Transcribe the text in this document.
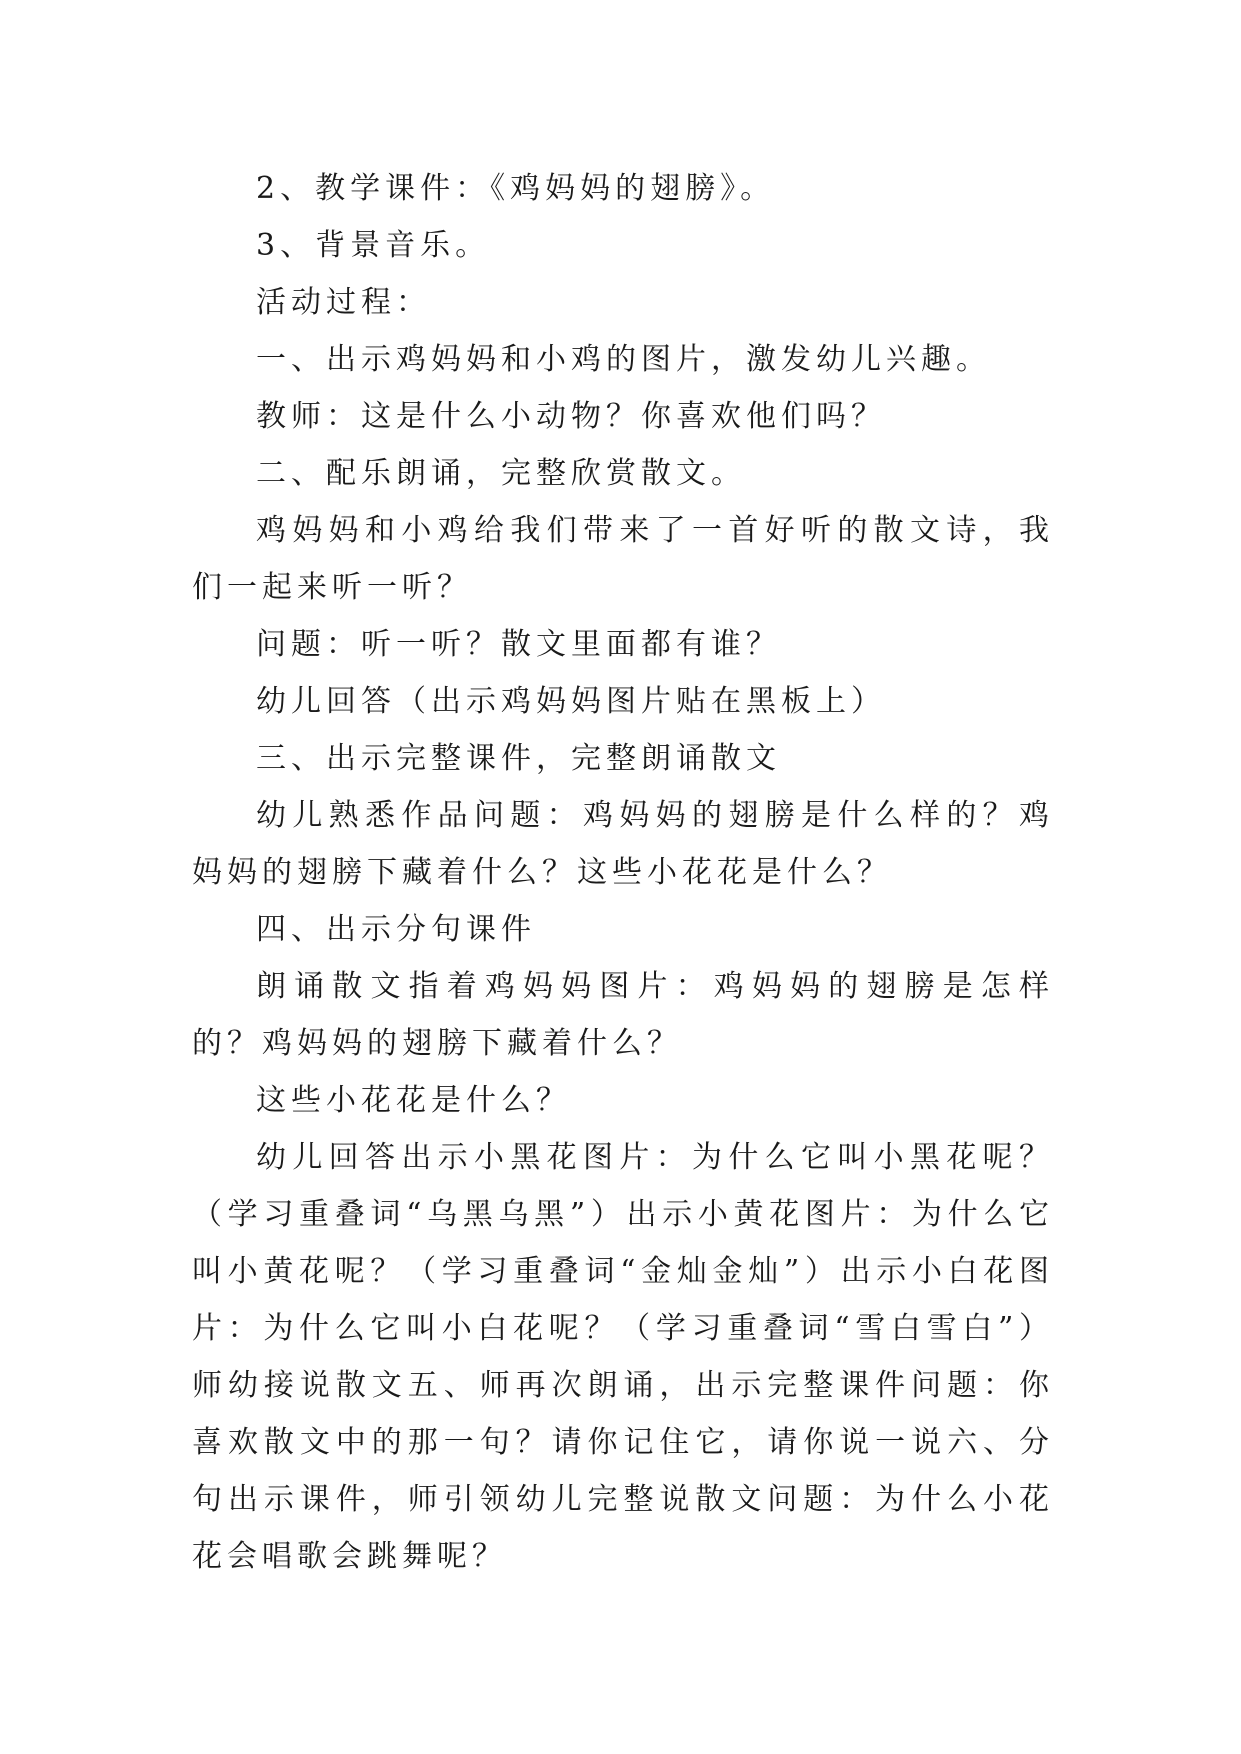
2、教学课件：《鸡妈妈的翅膀》。

3、背景音乐。

活动过程：

一、出示鸡妈妈和小鸡的图片，激发幼儿兴趣。

教师：这是什么小动物？你喜欢他们吗？

二、配乐朗诵，完整欣赏散文。

鸡妈妈和小鸡给我们带来了一首好听的散文诗，我们一起来听一听？

问题：听一听？散文里面都有谁？

幼儿回答（出示鸡妈妈图片贴在黑板上）

三、出示完整课件，完整朗诵散文

幼儿熟悉作品问题：鸡妈妈的翅膀是什么样的？鸡妈妈的翅膀下藏着什么？这些小花花是什么？

四、出示分句课件

朗诵散文指着鸡妈妈图片：鸡妈妈的翅膀是怎样的？鸡妈妈的翅膀下藏着什么？

这些小花花是什么？

幼儿回答出示小黑花图片：为什么它叫小黑花呢？（学习重叠词“乌黑乌黑”）出示小黄花图片：为什么它叫小黄花呢？（学习重叠词“金灿金灿”）出示小白花图片：为什么它叫小白花呢？（学习重叠词“雪白雪白”）师幼接说散文五、师再次朗诵，出示完整课件问题：你喜欢散文中的那一句？请你记住它，请你说一说六、分句出示课件，师引领幼儿完整说散文问题：为什么小花花会唱歌会跳舞呢？
